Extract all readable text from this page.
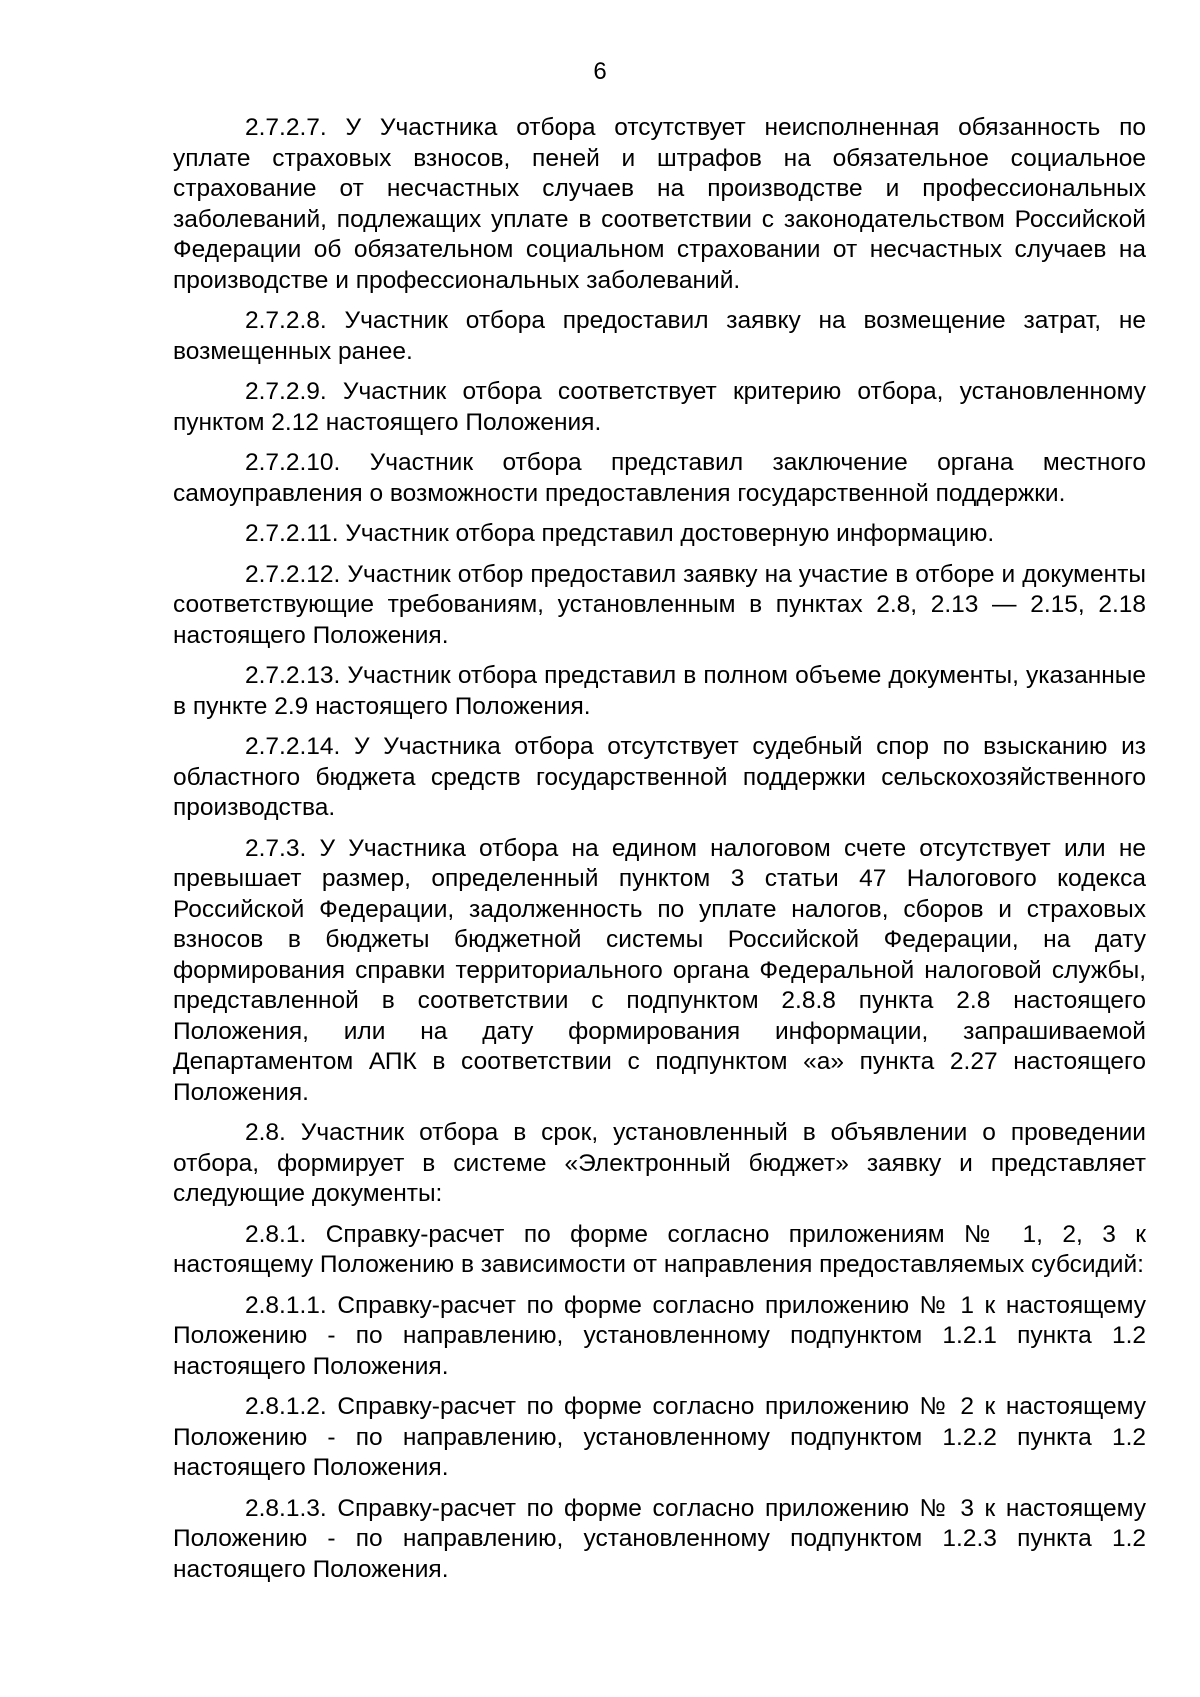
6

2.7.2.7. У Участника отбора отсутствует неисполненная обязанность по уплате страховых взносов, пеней и штрафов на обязательное социальное страхование от несчастных случаев на производстве и профессиональных заболеваний, подлежащих уплате в соответствии с законодательством Российской Федерации об обязательном социальном страховании от несчастных случаев на производстве и профессиональных заболеваний.

2.7.2.8. Участник отбора предоставил заявку на возмещение затрат, не возмещенных ранее.

2.7.2.9. Участник отбора соответствует критерию отбора, установленному пунктом 2.12 настоящего Положения.

2.7.2.10. Участник отбора представил заключение органа местного самоуправления о возможности предоставления государственной поддержки.

2.7.2.11. Участник отбора представил достоверную информацию.

2.7.2.12. Участник отбор предоставил заявку на участие в отборе и документы соответствующие требованиям, установленным в пунктах 2.8, 2.13 — 2.15, 2.18 настоящего Положения.

2.7.2.13. Участник отбора представил в полном объеме документы, указанные в пункте 2.9 настоящего Положения.

2.7.2.14. У Участника отбора отсутствует судебный спор по взысканию из областного бюджета средств государственной поддержки сельскохозяйственного производства.

2.7.3. У Участника отбора на едином налоговом счете отсутствует или не превышает размер, определенный пунктом 3 статьи 47 Налогового кодекса Российской Федерации, задолженность по уплате налогов, сборов и страховых взносов в бюджеты бюджетной системы Российской Федерации, на дату формирования справки территориального органа Федеральной налоговой службы, представленной в соответствии с подпунктом 2.8.8 пункта 2.8 настоящего Положения, или на дату формирования информации, запрашиваемой Департаментом АПК в соответствии с подпунктом «а» пункта 2.27 настоящего Положения.

2.8. Участник отбора в срок, установленный в объявлении о проведении отбора, формирует в системе «Электронный бюджет» заявку и представляет следующие документы:

2.8.1. Справку-расчет по форме согласно приложениям № 1, 2, 3 к настоящему Положению в зависимости от направления предоставляемых субсидий:

2.8.1.1. Справку-расчет по форме согласно приложению № 1 к настоящему Положению - по направлению, установленному подпунктом 1.2.1 пункта 1.2 настоящего Положения.

2.8.1.2. Справку-расчет по форме согласно приложению № 2 к настоящему Положению - по направлению, установленному подпунктом 1.2.2 пункта 1.2 настоящего Положения.

2.8.1.3. Справку-расчет по форме согласно приложению № 3 к настоящему Положению - по направлению, установленному подпунктом 1.2.3 пункта 1.2 настоящего Положения.
